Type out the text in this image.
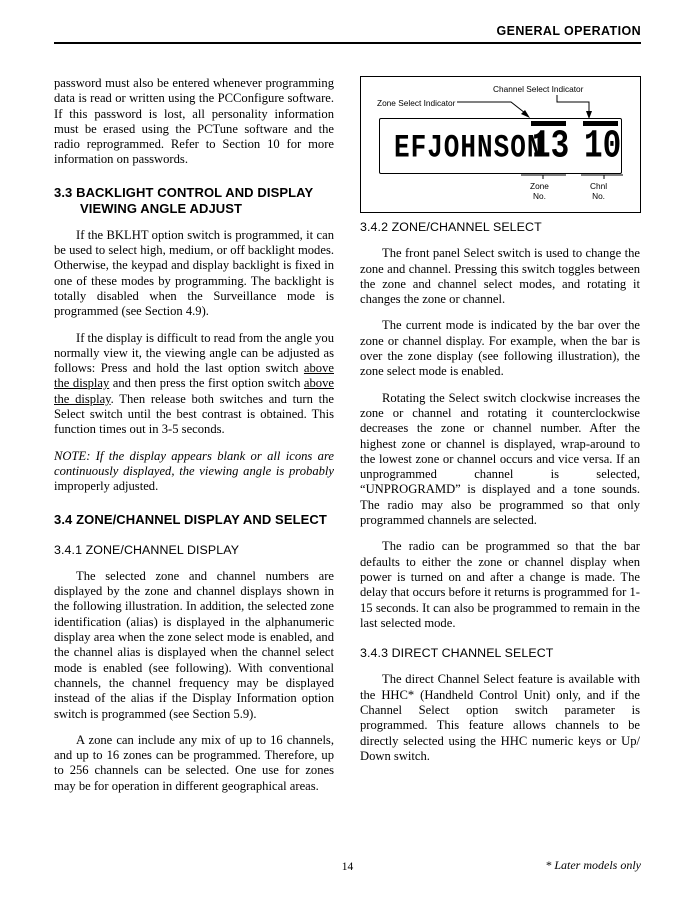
GENERAL OPERATION

password must also be entered whenever programming data is read or written using the PCConfigure software. If this password is lost, all personality information must be erased using the PCTune software and the radio reprogrammed. Refer to Section 10 for more information on passwords.

3.3 BACKLIGHT CONTROL AND DISPLAY
VIEWING ANGLE ADJUST

If the BKLHT option switch is programmed, it can be used to select high, medium, or off backlight modes. Otherwise, the keypad and display backlight is fixed in one of these modes by programming. The backlight is totally disabled when the Surveillance mode is programmed (see Section 4.9).

If the display is difficult to read from the angle you normally view it, the viewing angle can be adjusted as follows: Press and hold the last option switch above the display and then press the first option switch above the display. Then release both switches and turn the Select switch until the best contrast is obtained. This function times out in 3-5 seconds.

NOTE: If the display appears blank or all icons are continuously displayed, the viewing angle is probably improperly adjusted.

3.4 ZONE/CHANNEL DISPLAY AND SELECT
3.4.1 ZONE/CHANNEL DISPLAY

The selected zone and channel numbers are displayed by the zone and channel displays shown in the following illustration. In addition, the selected zone identification (alias) is displayed in the alphanumeric display area when the zone select mode is enabled, and the channel alias is displayed when the channel select mode is enabled (see following). With conventional channels, the channel frequency may be displayed instead of the alias if the Display Information option switch is programmed (see Section 5.9).

A zone can include any mix of up to 16 channels, and up to 16 zones can be programmed. Therefore, up to 256 channels can be selected. One use for zones may be for operation in different geographical areas.

Channel Select Indicator
Zone Select Indicator
EFJOHNSON
13 10
Zone
No.
Chnl
No.
3.4.2 ZONE/CHANNEL SELECT

The front panel Select switch is used to change the zone and channel. Pressing this switch toggles between the zone and channel select modes, and rotating it changes the zone or channel.

The current mode is indicated by the bar over the zone or channel display. For example, when the bar is over the zone display (see following illustration), the zone select mode is enabled.

Rotating the Select switch clockwise increases the zone or channel and rotating it counterclockwise decreases the zone or channel number. After the highest zone or channel is displayed, wrap-around to the lowest zone or channel occurs and vice versa. If an unprogrammed channel is selected, “UNPROGRAMD” is displayed and a tone sounds. The radio may also be programmed so that only programmed channels are selected.

The radio can be programmed so that the bar defaults to either the zone or channel display when power is turned on and after a change is made. The delay that occurs before it returns is programmed for 1-15 seconds. It can also be programmed to remain in the last selected mode.

3.4.3 DIRECT CHANNEL SELECT

The direct Channel Select feature is available with the HHC* (Handheld Control Unit) only, and if the Channel Select option switch parameter is programmed. This feature allows channels to be directly selected using the HHC numeric keys or Up/ Down switch.

14	* Later models only
